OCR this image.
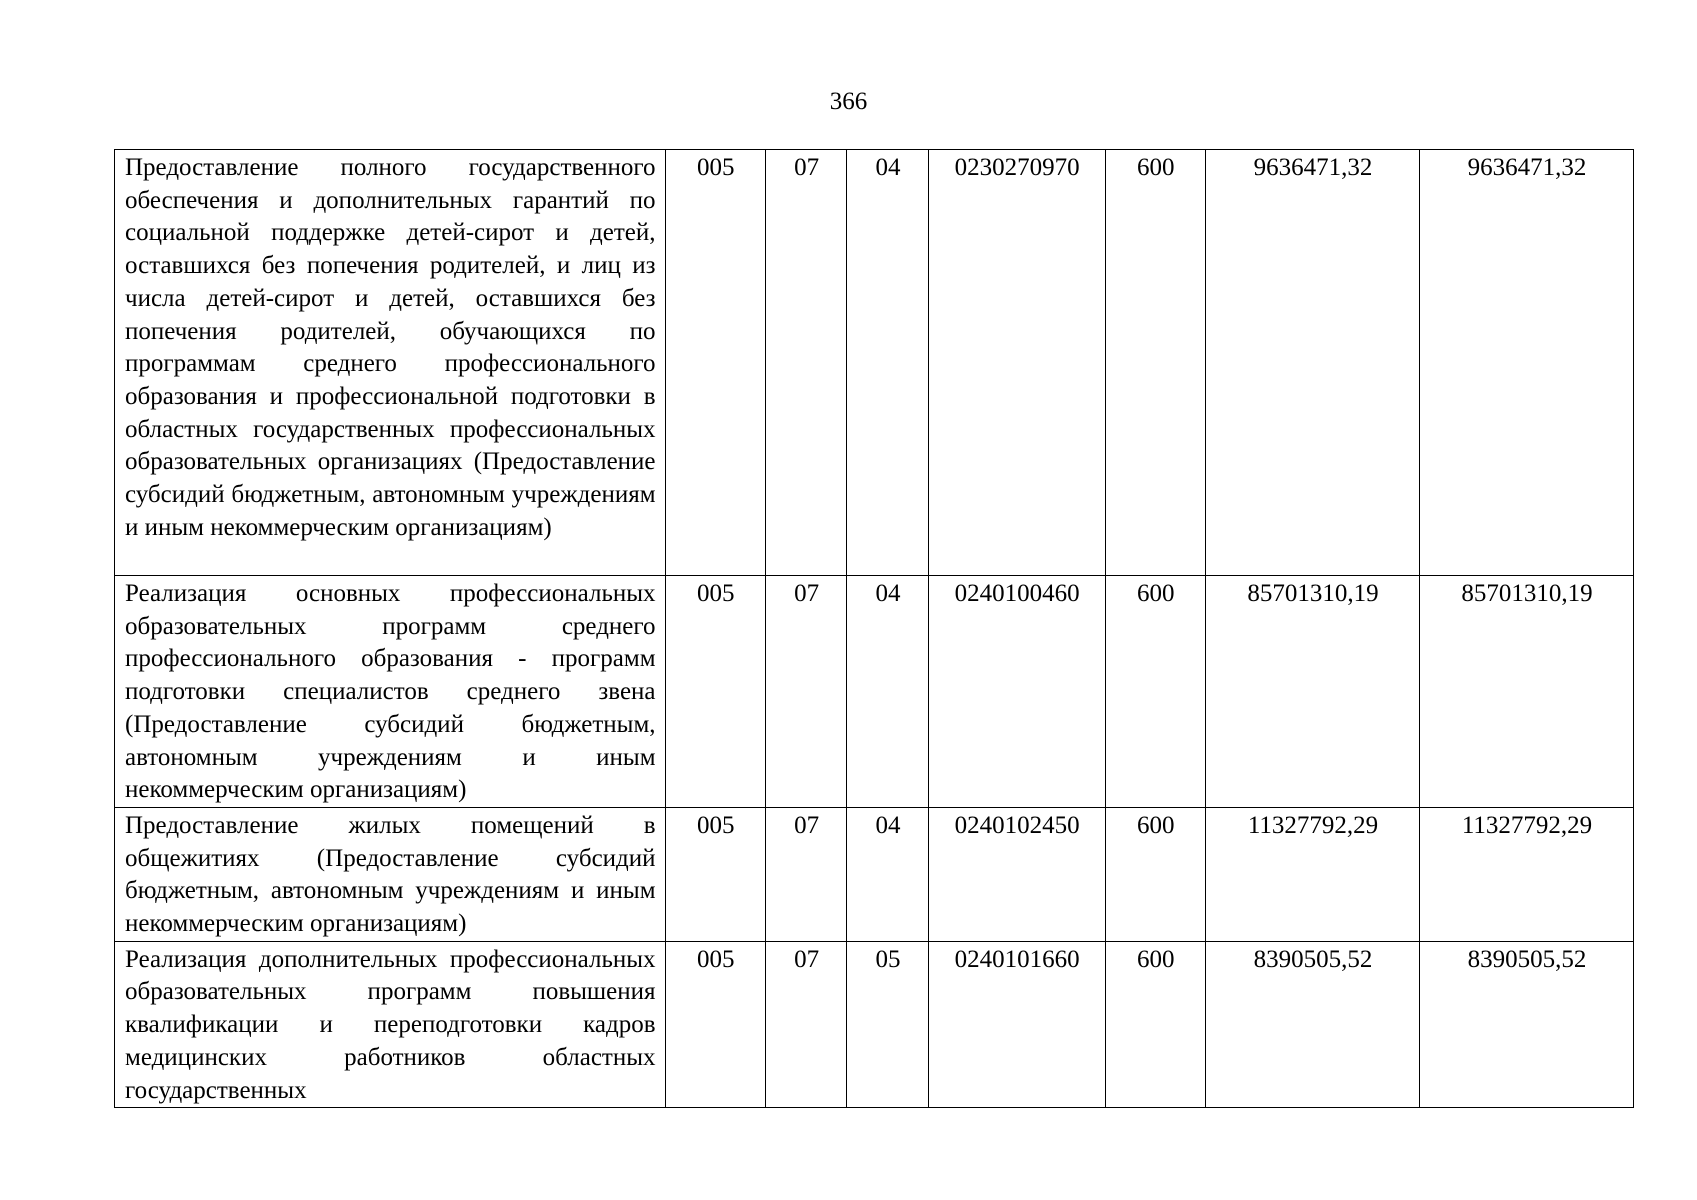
366
Предоставление полного государственного обеспечения и дополнительных гарантий по социальной поддержке детей-сирот и детей, оставшихся без попечения родителей, и лиц из числа детей-сирот и детей, оставшихся без попечения родителей, обучающихся по программам среднего профессионального образования и профессиональной подготовки в областных государственных профессиональных образовательных организациях (Предоставление субсидий бюджетным, автономным учреждениям и иным некоммерческим организациям)	005	07	04	0230270970	600	9636471,32	9636471,32

Реализация основных профессиональных образовательных программ среднего профессионального образования - программ подготовки специалистов среднего звена (Предоставление субсидий бюджетным, автономным учреждениям и иным некоммерческим организациям)	005	07	04	0240100460	600	85701310,19	85701310,19

Предоставление жилых помещений в общежитиях (Предоставление субсидий бюджетным, автономным учреждениям и иным некоммерческим организациям)	005	07	04	0240102450	600	11327792,29	11327792,29

Реализация дополнительных профессиональных образовательных программ повышения квалификации и переподготовки кадров медицинских работников областных государственных	005	07	05	0240101660	600	8390505,52	8390505,52
